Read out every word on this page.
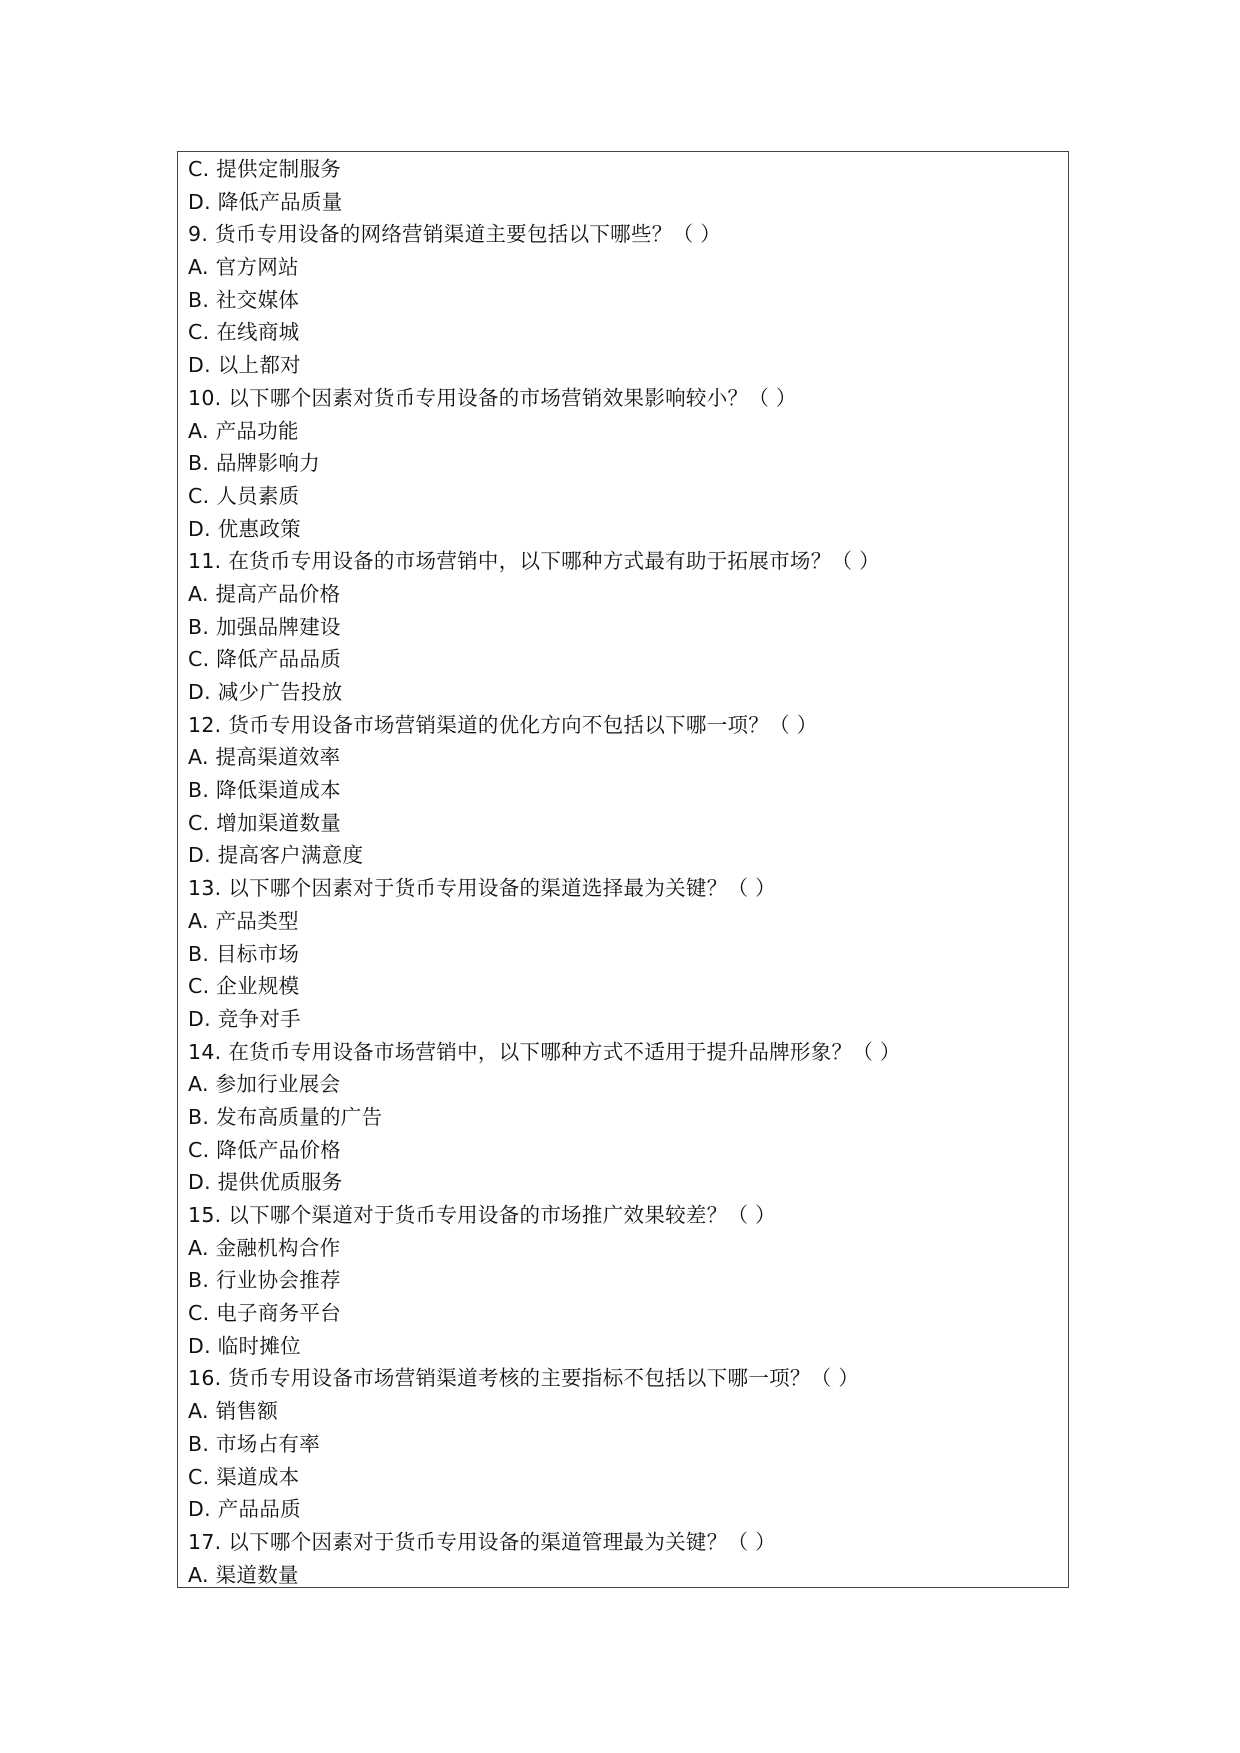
C. 提供定制服务
D. 降低产品质量
9. 货币专用设备的网络营销渠道主要包括以下哪些？（ ）
A. 官方网站
B. 社交媒体
C. 在线商城
D. 以上都对
10. 以下哪个因素对货币专用设备的市场营销效果影响较小？（ ）
A. 产品功能
B. 品牌影响力
C. 人员素质
D. 优惠政策
11. 在货币专用设备的市场营销中，以下哪种方式最有助于拓展市场？（ ）
A. 提高产品价格
B. 加强品牌建设
C. 降低产品品质
D. 减少广告投放
12. 货币专用设备市场营销渠道的优化方向不包括以下哪一项？（ ）
A. 提高渠道效率
B. 降低渠道成本
C. 增加渠道数量
D. 提高客户满意度
13. 以下哪个因素对于货币专用设备的渠道选择最为关键？（ ）
A. 产品类型
B. 目标市场
C. 企业规模
D. 竞争对手
14. 在货币专用设备市场营销中，以下哪种方式不适用于提升品牌形象？（ ）
A. 参加行业展会
B. 发布高质量的广告
C. 降低产品价格
D. 提供优质服务
15. 以下哪个渠道对于货币专用设备的市场推广效果较差？（ ）
A. 金融机构合作
B. 行业协会推荐
C. 电子商务平台
D. 临时摊位
16. 货币专用设备市场营销渠道考核的主要指标不包括以下哪一项？（ ）
A. 销售额
B. 市场占有率
C. 渠道成本
D. 产品品质
17. 以下哪个因素对于货币专用设备的渠道管理最为关键？（ ）
A. 渠道数量
